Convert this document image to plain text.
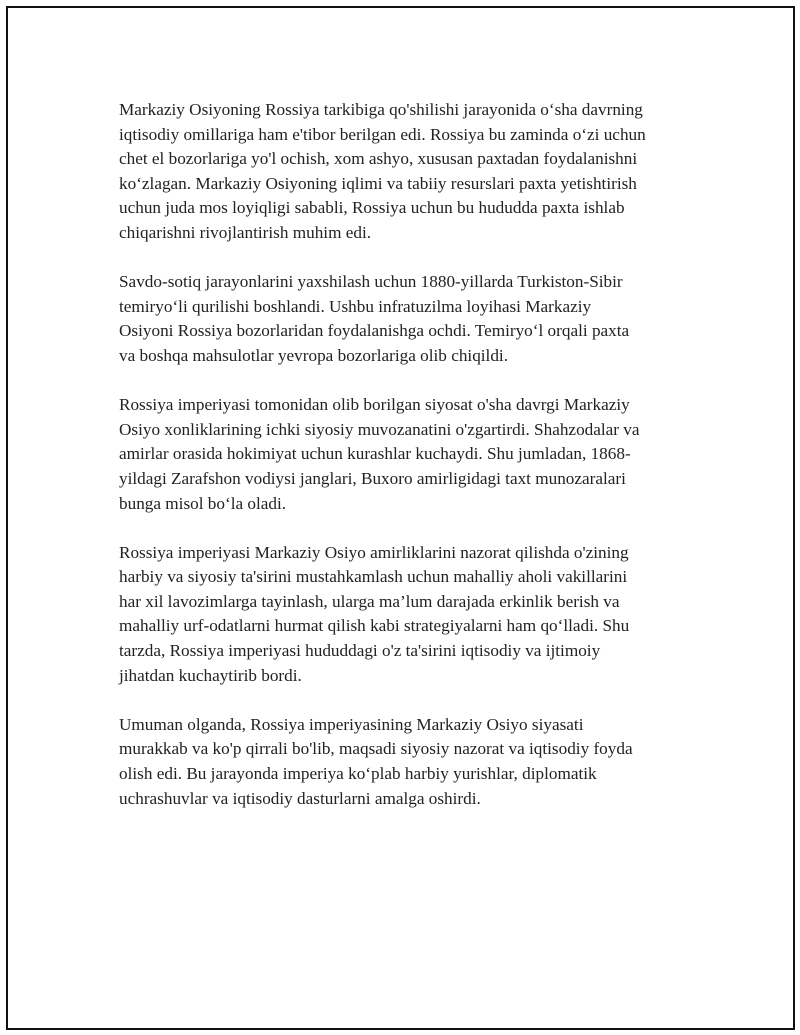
Markaziy Osiyoning Rossiya tarkibiga qo'shilishi jarayonida o‘sha davrning
iqtisodiy omillariga ham e'tibor berilgan edi. Rossiya bu zaminda o‘zi uchun
chet el bozorlariga yo'l ochish, xom ashyo, xususan paxtadan foydalanishni
ko‘zlagan. Markaziy Osiyoning iqlimi va tabiiy resurslari paxta yetishtirish
uchun juda mos loyiqligi sababli, Rossiya uchun bu hududda paxta ishlab
chiqarishni rivojlantirish muhim edi.

Savdo-sotiq jarayonlarini yaxshilash uchun 1880-yillarda Turkiston-Sibir
temiryo‘li qurilishi boshlandi. Ushbu infratuzilma loyihasi Markaziy
Osiyoni Rossiya bozorlaridan foydalanishga ochdi. Temiryo‘l orqali paxta
va boshqa mahsulotlar yevropa bozorlariga olib chiqildi.

Rossiya imperiyasi tomonidan olib borilgan siyosat o'sha davrgi Markaziy
Osiyo xonliklarining ichki siyosiy muvozanatini o'zgartirdi. Shahzodalar va
amirlar orasida hokimiyat uchun kurashlar kuchaydi. Shu jumladan, 1868-
yildagi Zarafshon vodiysi janglari, Buxoro amirligidagi taxt munozaralari
bunga misol bo‘la oladi.

Rossiya imperiyasi Markaziy Osiyo amirliklarini nazorat qilishda o'zining
harbiy va siyosiy ta'sirini mustahkamlash uchun mahalliy aholi vakillarini
har xil lavozimlarga tayinlash, ularga ma’lum darajada erkinlik berish va
mahalliy urf-odatlarni hurmat qilish kabi strategiyalarni ham qo‘lladi. Shu
tarzda, Rossiya imperiyasi hududdagi o'z ta'sirini iqtisodiy va ijtimoiy
jihatdan kuchaytirib bordi.

Umuman olganda, Rossiya imperiyasining Markaziy Osiyo siyasati
murakkab va ko'p qirrali bo'lib, maqsadi siyosiy nazorat va iqtisodiy foyda
olish edi. Bu jarayonda imperiya ko‘plab harbiy yurishlar, diplomatik
uchrashuvlar va iqtisodiy dasturlarni amalga oshirdi.
